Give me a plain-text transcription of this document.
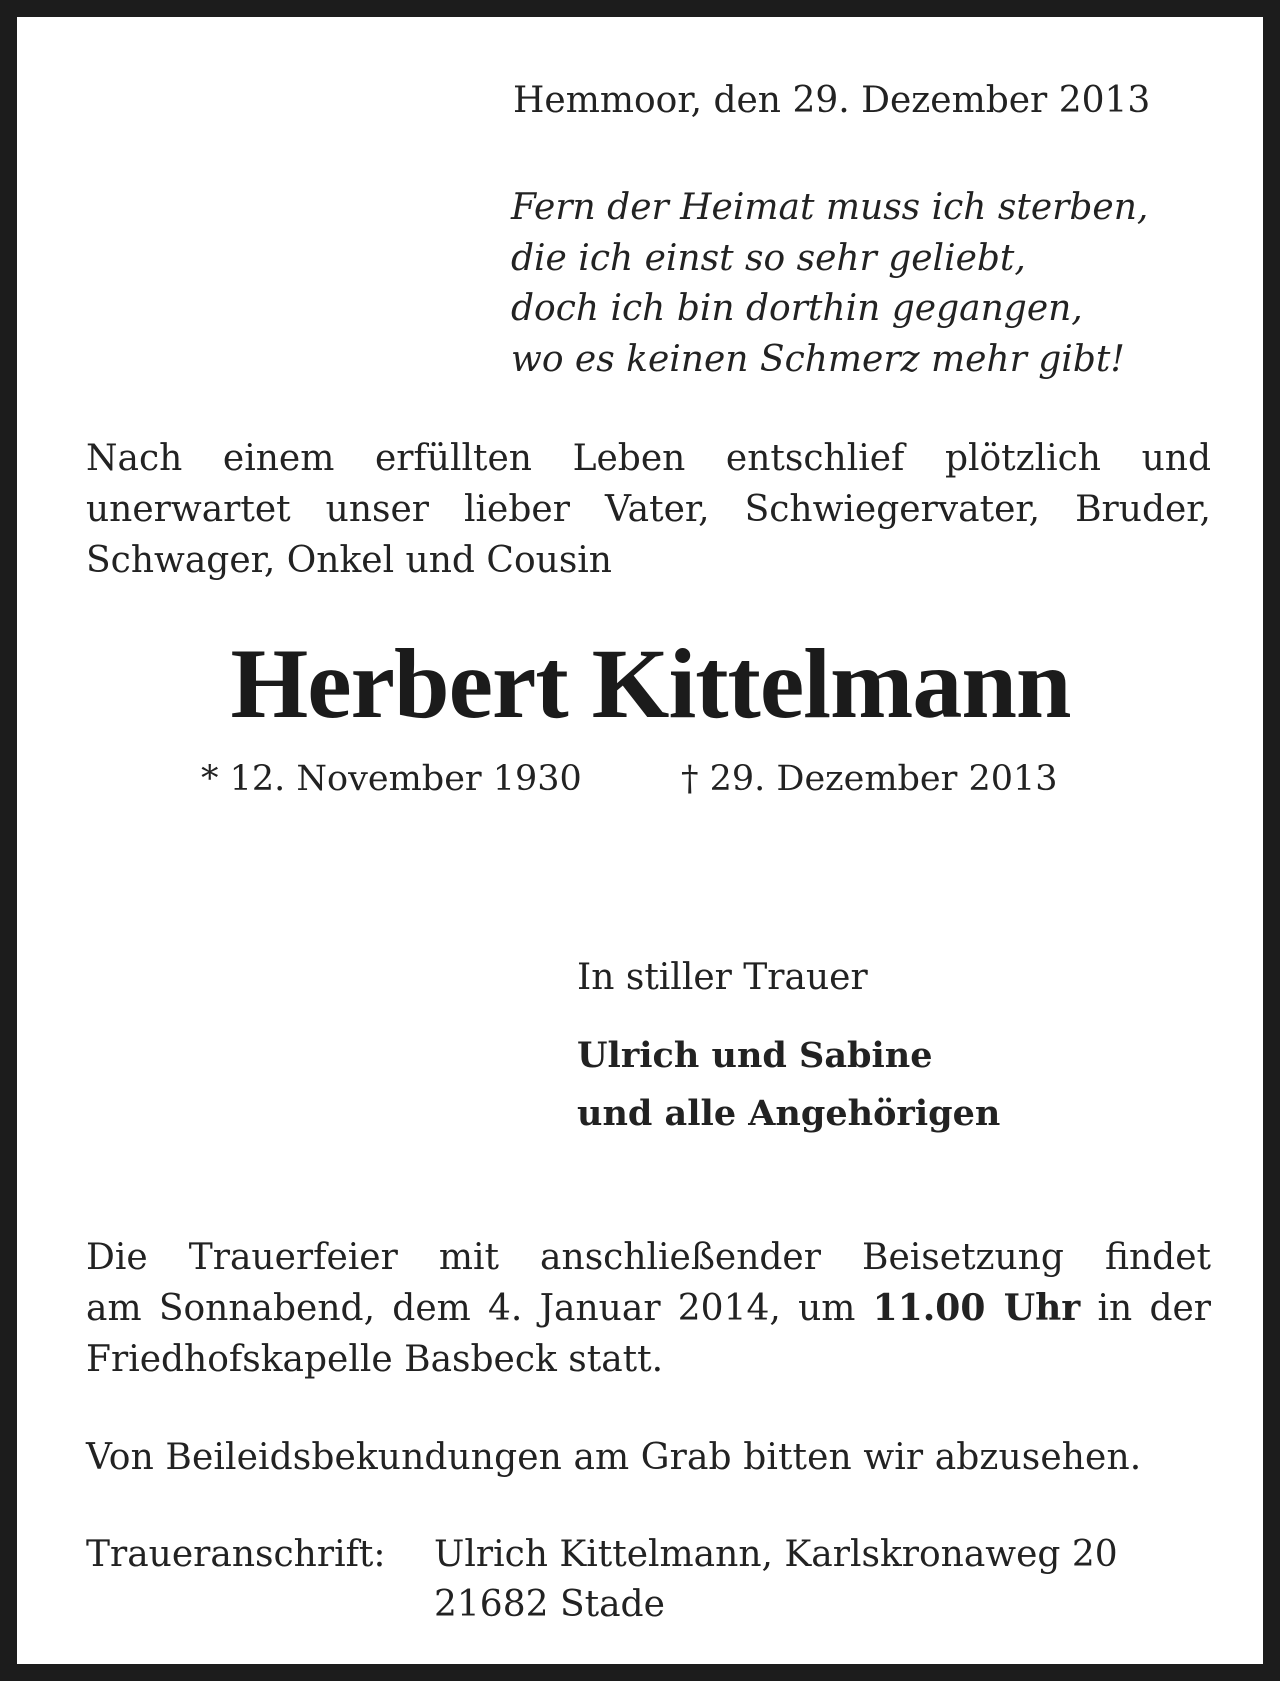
Hemmoor, den 29. Dezember 2013
Fern der Heimat muss ich sterben,
die ich einst so sehr geliebt,
doch ich bin dorthin gegangen,
wo es keinen Schmerz mehr gibt!
Nach einem erfüllten Leben entschlief plötzlich und
unerwartet unser lieber Vater, Schwiegervater, Bruder,
Schwager, Onkel und Cousin
Herbert Kittelmann
* 12. November 1930	† 29. Dezember 2013
In stiller Trauer
Ulrich und Sabine
und alle Angehörigen
Die Trauerfeier mit anschließender Beisetzung findet
am Sonnabend, dem 4. Januar 2014, um 11.00 Uhr in der
Friedhofskapelle Basbeck statt.
Von Beileidsbekundungen am Grab bitten wir abzusehen.
Traueranschrift: Ulrich Kittelmann, Karlskronaweg 20
21682 Stade
